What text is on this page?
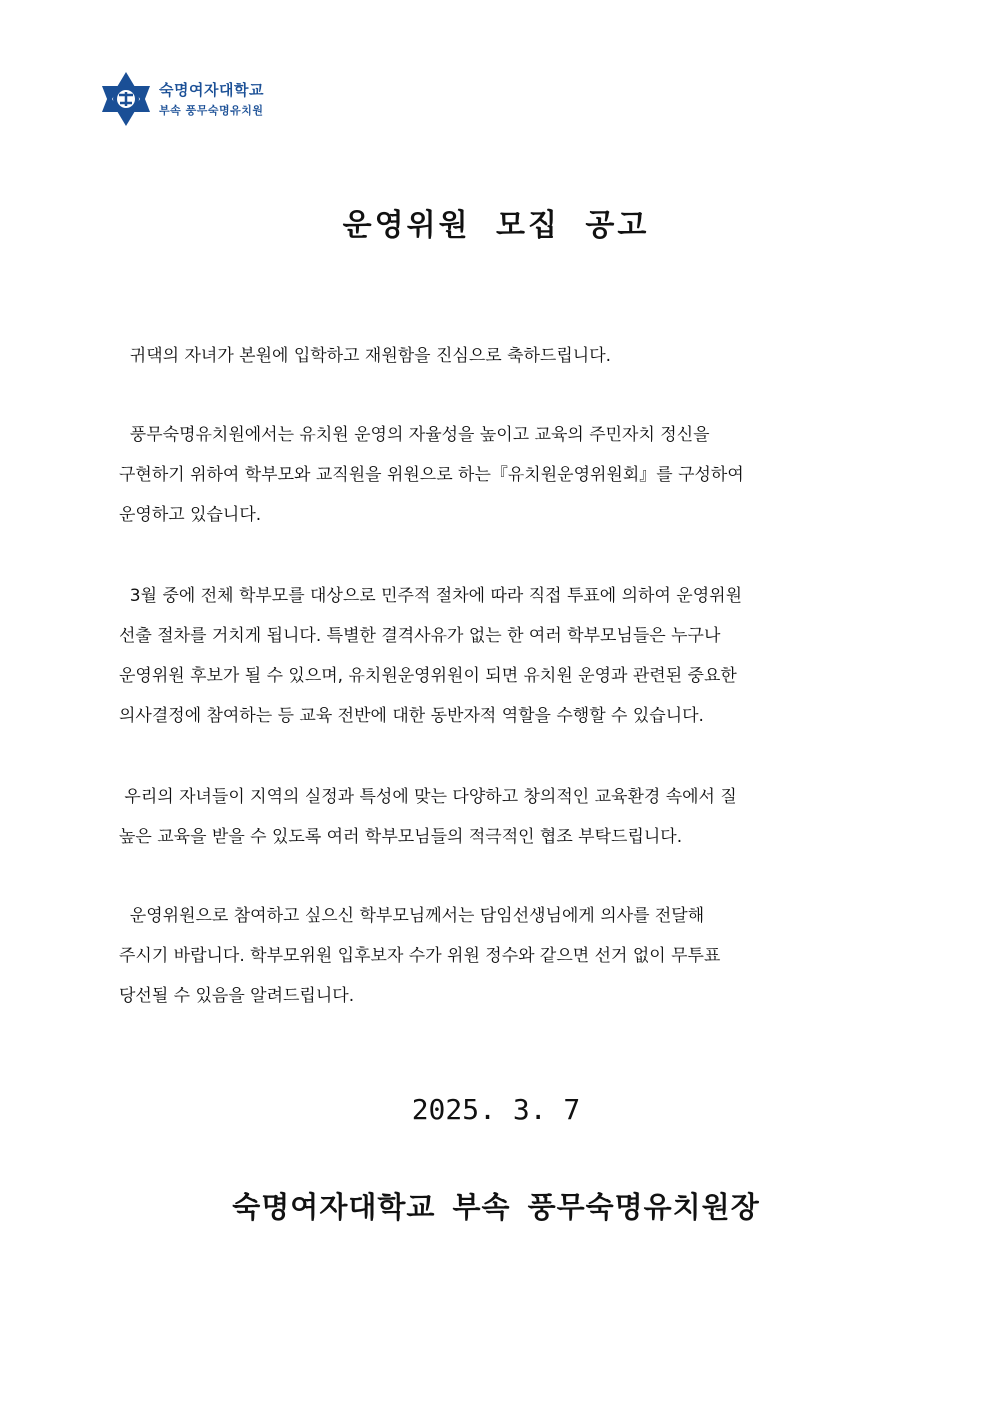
숙명여자대학교
부속 풍무숙명유치원
운영위원 모집 공고
귀댁의 자녀가 본원에 입학하고 재원함을 진심으로 축하드립니다.
풍무숙명유치원에서는 유치원 운영의 자율성을 높이고 교육의 주민자치 정신을
구현하기 위하여 학부모와 교직원을 위원으로 하는『유치원운영위원회』를 구성하여
운영하고 있습니다.
3월 중에 전체 학부모를 대상으로 민주적 절차에 따라 직접 투표에 의하여 운영위원
선출 절차를 거치게 됩니다. 특별한 결격사유가 없는 한 여러 학부모님들은 누구나
운영위원 후보가 될 수 있으며, 유치원운영위원이 되면 유치원 운영과 관련된 중요한
의사결정에 참여하는 등 교육 전반에 대한 동반자적 역할을 수행할 수 있습니다.
우리의 자녀들이 지역의 실정과 특성에 맞는 다양하고 창의적인 교육환경 속에서 질
높은 교육을 받을 수 있도록 여러 학부모님들의 적극적인 협조 부탁드립니다.
운영위원으로 참여하고 싶으신 학부모님께서는 담임선생님에게 의사를 전달해
주시기 바랍니다. 학부모위원 입후보자 수가 위원 정수와 같으면 선거 없이 무투표
당선될 수 있음을 알려드립니다.
2025. 3. 7
숙명여자대학교 부속 풍무숙명유치원장
